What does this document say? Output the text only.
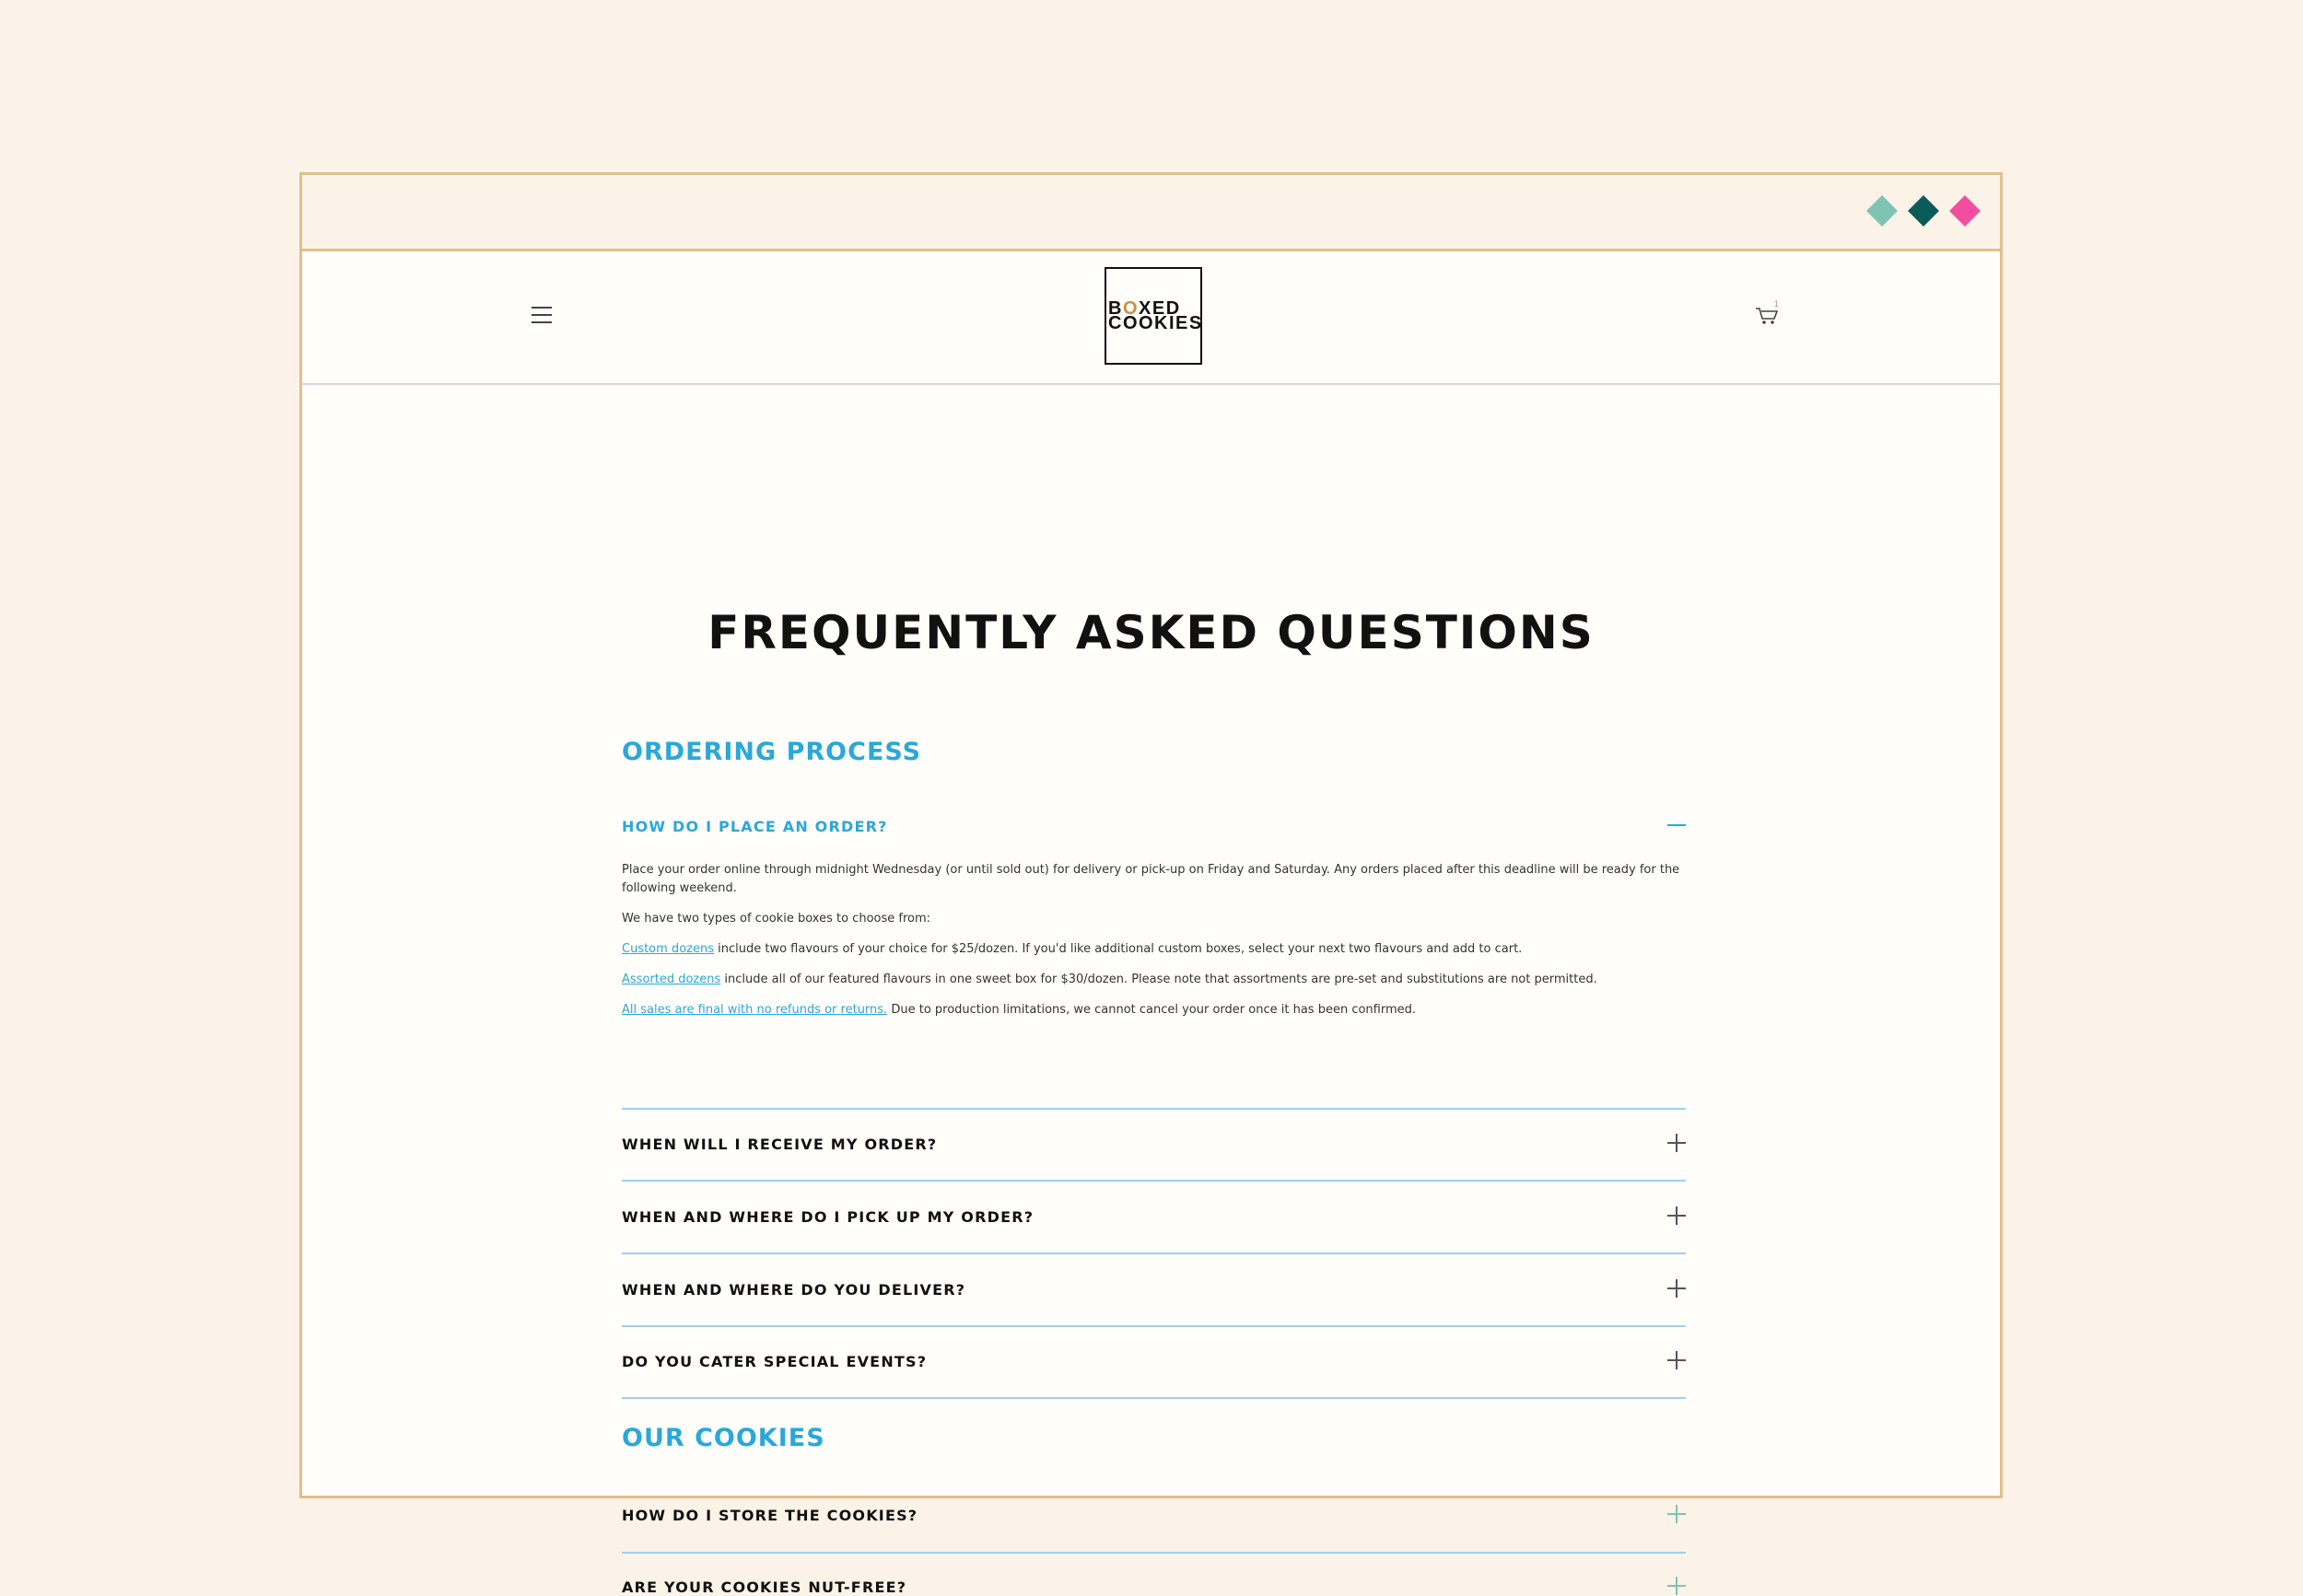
BOXED
COOKIES
1
FREQUENTLY ASKED QUESTIONS
ORDERING PROCESS
HOW DO I PLACE AN ORDER?

Place your order online through midnight Wednesday (or until sold out) for delivery or pick-up on Friday and Saturday. Any orders placed after this deadline will be ready for the following weekend.

We have two types of cookie boxes to choose from:

Custom dozens include two flavours of your choice for $25/dozen. If you'd like additional custom boxes, select your next two flavours and add to cart.

Assorted dozens include all of our featured flavours in one sweet box for $30/dozen. Please note that assortments are pre-set and substitutions are not permitted.

All sales are final with no refunds or returns. Due to production limitations, we cannot cancel your order once it has been confirmed.

WHEN WILL I RECEIVE MY ORDER?
WHEN AND WHERE DO I PICK UP MY ORDER?
WHEN AND WHERE DO YOU DELIVER?
DO YOU CATER SPECIAL EVENTS?
OUR COOKIES
HOW DO I STORE THE COOKIES?
ARE YOUR COOKIES NUT-FREE?
